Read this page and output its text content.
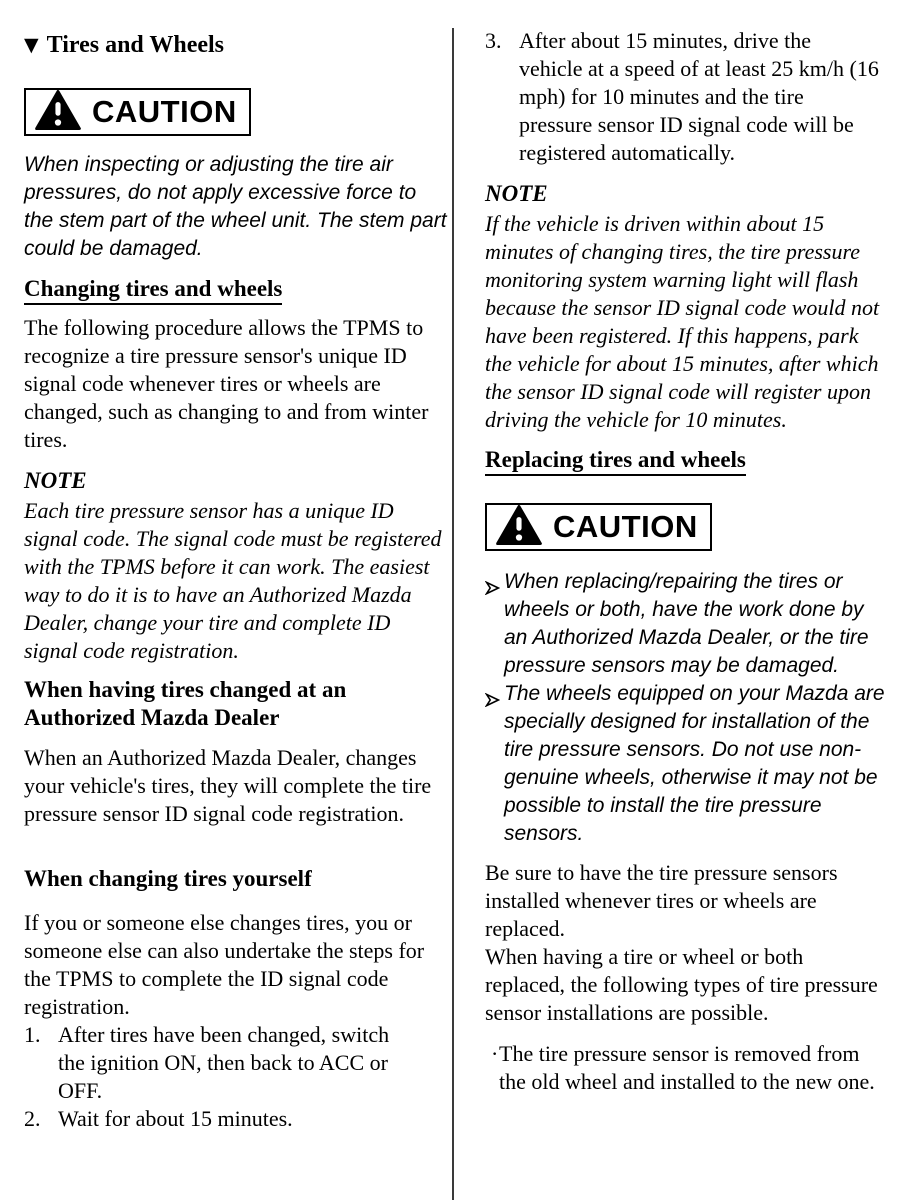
▼ Tires and Wheels
CAUTION

When inspecting or adjusting the tire air pressures, do not apply excessive force to the stem part of the wheel unit. The stem part could be damaged.

Changing tires and wheels

The following procedure allows the TPMS to recognize a tire pressure sensor's unique ID signal code whenever tires or wheels are changed, such as changing to and from winter tires.

NOTE

Each tire pressure sensor has a unique ID signal code. The signal code must be registered with the TPMS before it can work. The easiest way to do it is to have an Authorized Mazda Dealer, change your tire and complete ID signal code registration.

When having tires changed at an Authorized Mazda Dealer

When an Authorized Mazda Dealer, changes your vehicle's tires, they will complete the tire pressure sensor ID signal code registration.

When changing tires yourself

If you or someone else changes tires, you or someone else can also undertake the steps for the TPMS to complete the ID signal code registration.

1. After tires have been changed, switch the ignition ON, then back to ACC or OFF.
2. Wait for about 15 minutes.
3. After about 15 minutes, drive the vehicle at a speed of at least 25 km/h (16 mph) for 10 minutes and the tire pressure sensor ID signal code will be registered automatically.
NOTE

If the vehicle is driven within about 15 minutes of changing tires, the tire pressure monitoring system warning light will flash because the sensor ID signal code would not have been registered. If this happens, park the vehicle for about 15 minutes, after which the sensor ID signal code will register upon driving the vehicle for 10 minutes.

Replacing tires and wheels
CAUTION
When replacing/repairing the tires or wheels or both, have the work done by an Authorized Mazda Dealer, or the tire pressure sensors may be damaged.
The wheels equipped on your Mazda are specially designed for installation of the tire pressure sensors. Do not use non-genuine wheels, otherwise it may not be possible to install the tire pressure sensors.

Be sure to have the tire pressure sensors installed whenever tires or wheels are replaced.

When having a tire or wheel or both replaced, the following types of tire pressure sensor installations are possible.

· The tire pressure sensor is removed from the old wheel and installed to the new one.
